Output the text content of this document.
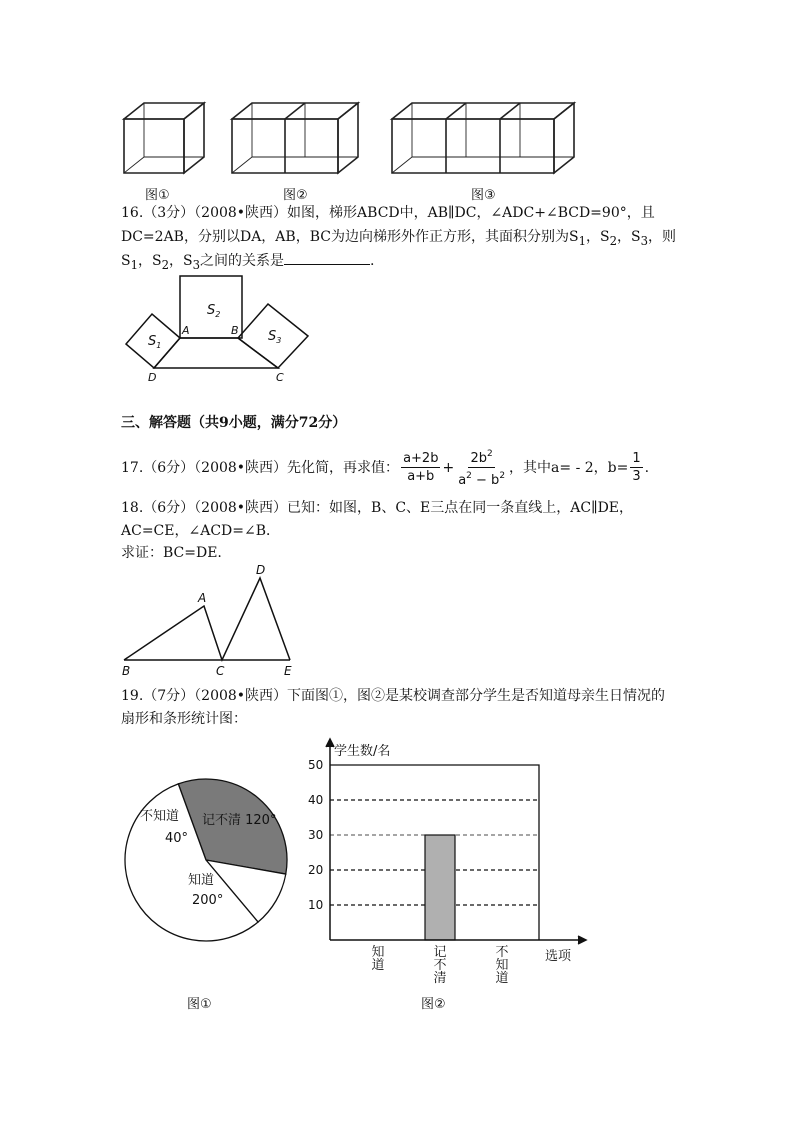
图①	图②	图③
16.（3分）（2008•陕西）如图，梯形ABCD中，AB∥DC，∠ADC+∠BCD=90°，且
DC=2AB，分别以DA，AB，BC为边向梯形外作正方形，其面积分别为$S_1$，$S_2$，$S_3$，则
$S_1$，$S_2$，$S_3$之间的关系是	.
$S_1$
$S_2$
$S_3$
A	B
C
D
三、解答题（共9小题，满分72分）
17.（6分）（2008•陕西）先化简，再求值： $\frac{a+2b}{a+b} + \frac{2b^2}{a^2 - b^2}$ ，其中a= - 2，$b= \frac{1}{3}$ .
18.（6分）（2008•陕西）已知：如图，B、C、E三点在同一条直线上，AC∥DE，
AC=CE，∠ACD=∠B．
求证：BC=DE.
A
B	C
D
E
19.（7分）（2008•陕西）下面图①，图②是某校调查部分学生是否知道母亲生日情况的
扇形和条形统计图：
记不清 120°
不知道
40°
知道
200°
图①
10
20
30
40
50
学生数/名
选项
知道
记不清
不知道
图②
